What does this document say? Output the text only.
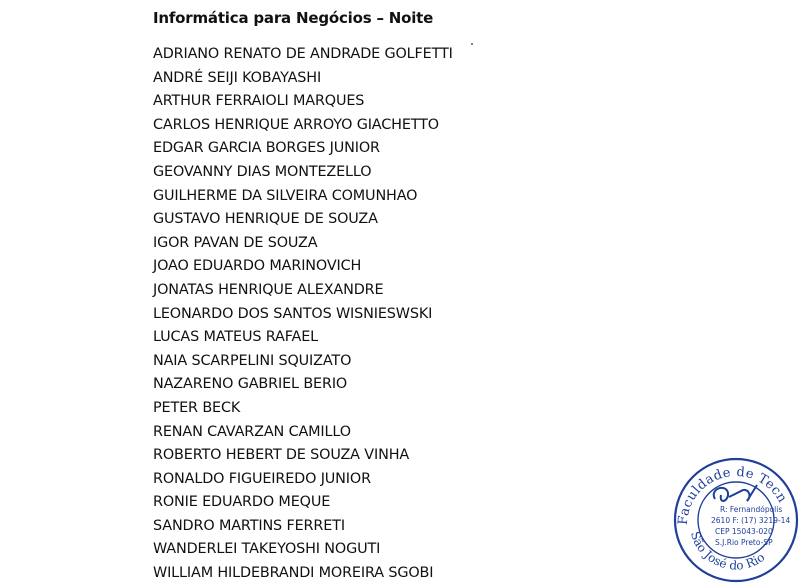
Informática para Negócios – Noite
ADRIANO RENATO DE ANDRADE GOLFETTI
ANDRÉ SEIJI KOBAYASHI
ARTHUR FERRAIOLI MARQUES
CARLOS HENRIQUE ARROYO GIACHETTO
EDGAR GARCIA BORGES JUNIOR
GEOVANNY DIAS MONTEZELLO
GUILHERME DA SILVEIRA COMUNHAO
GUSTAVO HENRIQUE DE SOUZA
IGOR PAVAN DE SOUZA
JOAO EDUARDO MARINOVICH
JONATAS HENRIQUE ALEXANDRE
LEONARDO DOS SANTOS WISNIESWSKI
LUCAS MATEUS RAFAEL
NAIA SCARPELINI SQUIZATO
NAZARENO GABRIEL BERIO
PETER BECK
RENAN CAVARZAN CAMILLO
ROBERTO HEBERT DE SOUZA VINHA
RONALDO FIGUEIREDO JUNIOR
RONIE EDUARDO MEQUE
SANDRO MARTINS FERRETI
WANDERLEI TAKEYOSHI NOGUTI
WILLIAM HILDEBRANDI MOREIRA SGOBI
Faculdade de Tecn
São José do Rio
R: Fernandópolis
2610 F: (17) 3219-14
CEP 15043-020
S.J.Rio Preto-SP
